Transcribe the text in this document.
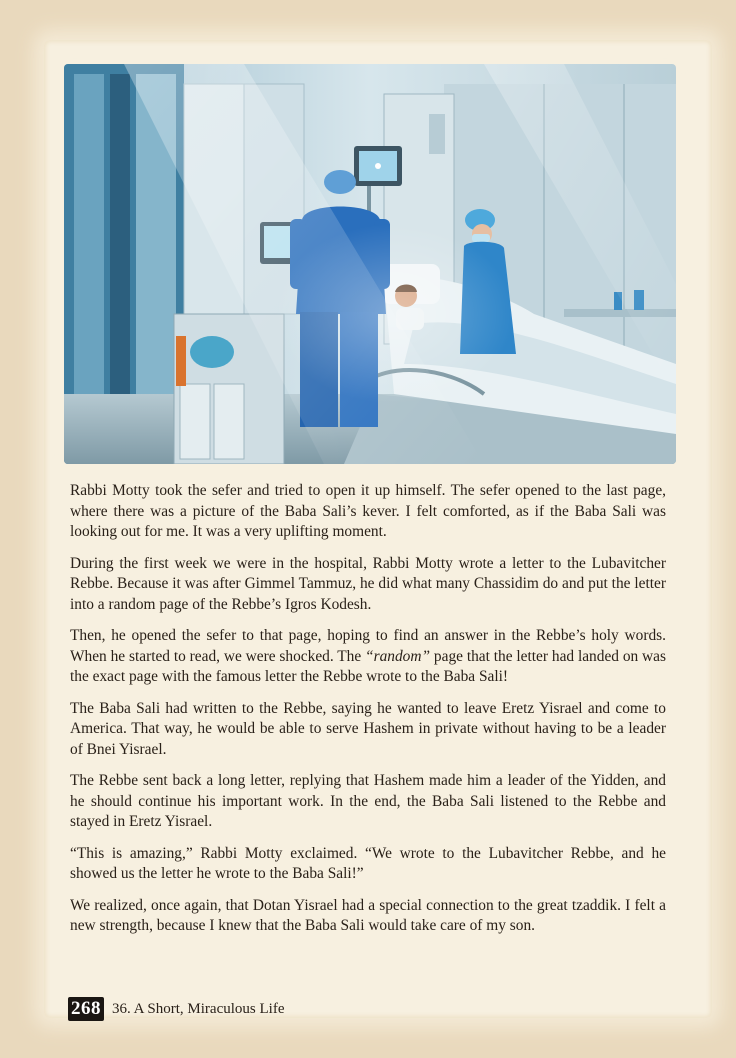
Rabbi Motty took the sefer and tried to open it up himself. The sefer opened to the last page, where there was a picture of the Baba Sali’s kever. I felt comforted, as if the Baba Sali was looking out for me. It was a very uplifting moment.

During the first week we were in the hospital, Rabbi Motty wrote a letter to the Lubavitcher Rebbe. Because it was after Gimmel Tammuz, he did what many Chassidim do and put the letter into a random page of the Rebbe’s Igros Kodesh.

Then, he opened the sefer to that page, hoping to find an answer in the Rebbe’s holy words. When he started to read, we were shocked. The “random” page that the letter had landed on was the exact page with the famous letter the Rebbe wrote to the Baba Sali!

The Baba Sali had written to the Rebbe, saying he wanted to leave Eretz Yisrael and come to America. That way, he would be able to serve Hashem in private without having to be a leader of Bnei Yisrael.

The Rebbe sent back a long letter, replying that Hashem made him a leader of the Yidden, and he should continue his important work. In the end, the Baba Sali listened to the Rebbe and stayed in Eretz Yisrael.

“This is amazing,” Rabbi Motty exclaimed. “We wrote to the Lubavitcher Rebbe, and he showed us the letter he wrote to the Baba Sali!”

We realized, once again, that Dotan Yisrael had a special connection to the great tzaddik. I felt a new strength, because I knew that the Baba Sali would take care of my son.

268 36. A Short, Miraculous Life
